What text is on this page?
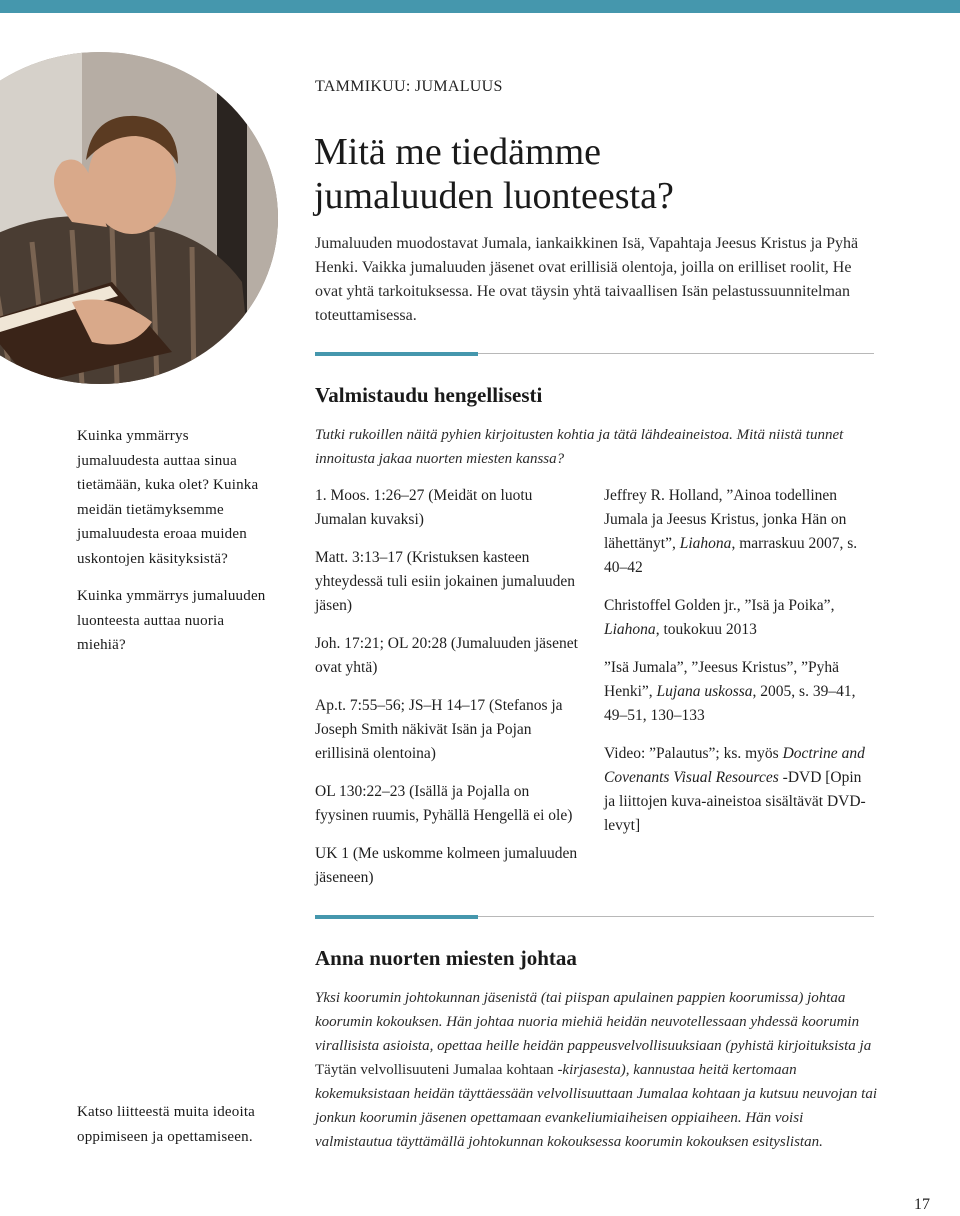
TAMMIKUU: JUMALUUS
Mitä me tiedämme
jumaluuden luonteesta?

Jumaluuden muodostavat Jumala, iankaikkinen Isä, Vapahtaja Jeesus Kristus ja Pyhä Henki. Vaikka jumaluuden jäsenet ovat erillisiä olentoja, joilla on erilliset roolit, He ovat yhtä tarkoituksessa. He ovat täysin yhtä taivaallisen Isän pelastussuunnitelman toteuttamisessa.

Valmistaudu hengellisesti

Kuinka ymmärrys jumaluudesta auttaa sinua tietämään, kuka olet? Kuinka meidän tietämyksemme jumaluudesta eroaa muiden uskontojen käsityksistä?

Kuinka ymmärrys jumaluuden luonteesta auttaa nuoria miehiä?

Tutki rukoillen näitä pyhien kirjoitusten kohtia ja tätä lähdeaineistoa. Mitä niistä tunnet innoitusta jakaa nuorten miesten kanssa?

1. Moos. 1:26–27 (Meidät on luotu Jumalan kuvaksi)

Matt. 3:13–17 (Kristuksen kasteen yhteydessä tuli esiin jokainen jumaluuden jäsen)

Joh. 17:21; OL 20:28 (Jumaluuden jäsenet ovat yhtä)

Ap.t. 7:55–56; JS–H 14–17 (Stefanos ja Joseph Smith näkivät Isän ja Pojan erillisinä olentoina)

OL 130:22–23 (Isällä ja Pojalla on fyysinen ruumis, Pyhällä Hengellä ei ole)

UK 1 (Me uskomme kolmeen jumaluuden jäseneen)

Jeffrey R. Holland, ”Ainoa todellinen Jumala ja Jeesus Kristus, jonka Hän on lähettänyt”, Liahona, marraskuu 2007, s. 40–42

Christoffel Golden jr., ”Isä ja Poika”, Liahona, toukokuu 2013

”Isä Jumala”, ”Jeesus Kristus”, ”Pyhä Henki”, Lujana uskossa, 2005, s. 39–41, 49–51, 130–133

Video: ”Palautus”; ks. myös Doctrine and Covenants Visual Resources -DVD [Opin ja liittojen kuva-aineistoa sisältävät DVD-levyt]

Anna nuorten miesten johtaa

Yksi koorumin johtokunnan jäsenistä (tai piispan apulainen pappien koorumissa) johtaa koorumin kokouksen. Hän johtaa nuoria miehiä heidän neuvotellessaan yhdessä koorumin virallisista asioista, opettaa heille heidän pappeusvelvollisuuksiaan (pyhistä kirjoituksista ja Täytän velvollisuuteni Jumalaa kohtaan -kirjasesta), kannustaa heitä kertomaan kokemuksistaan heidän täyttäessään velvollisuuttaan Jumalaa kohtaan ja kutsuu neuvojan tai jonkun koorumin jäsenen opettamaan evankeliumiaiheisen oppiaiheen. Hän voisi valmistautua täyttämällä johtokunnan kokouksessa koorumin kokouksen esityslistan.

Katso liitteestä muita ideoita oppimiseen ja opettamiseen.

17
